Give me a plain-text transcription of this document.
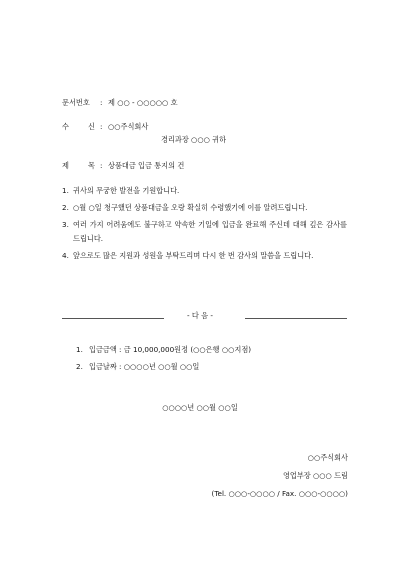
문서번호	: 제 ○○ - ○○○○○ 호
수	신 : ○○주식회사
경리과장 ○○○ 귀하
제	목 : 상품대금 입금 통지의 건
1. 귀사의 무궁한 발전을 기원합니다.
2. ○월 ○일 청구했던 상품대금을 오랑 확실히 수령했기에 이를 알려드립니다.
3. 여러 가지 어려움에도 불구하고 약속한 기일에 입금을 완료해 주신데 대해 깊은 감사를 드립니다.
4. 앞으로도 많은 지원과 성원을 부탁드리며 다시 한 번 감사의 말씀을 드립니다.
- 다 음 -
1. 입금금액 : 금 10,000,000원정 (○○은행 ○○지점)
2. 입금날짜 : ○○○○년 ○○월 ○○일
○○○○년 ○○월 ○○일
○○주식회사
영업부장 ○○○ 드림
(Tel. ○○○-○○○○ / Fax. ○○○-○○○○)
